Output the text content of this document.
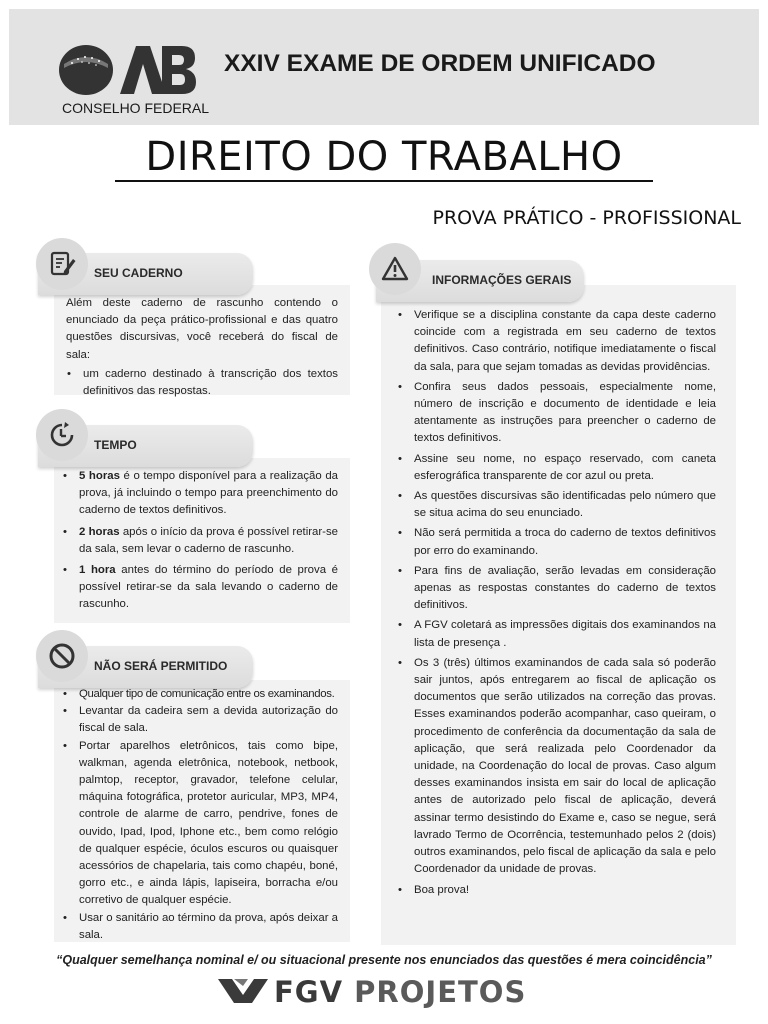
CONSELHO FEDERAL
XXIV EXAME DE ORDEM UNIFICADO
DIREITO DO TRABALHO
PROVA PRÁTICO - PROFISSIONAL

Além deste caderno de rascunho contendo o enunciado da peça prático-profissional e das quatro questões discursivas, você receberá do fiscal de sala:

• um caderno destinado à transcrição dos textos definitivos das respostas.
SEU CADERNO
• 5 horas é o tempo disponível para a realização da prova, já incluindo o tempo para preenchimento do caderno de textos definitivos.
• 2 horas após o início da prova é possível retirar-se da sala, sem levar o caderno de rascunho.
• 1 hora antes do término do período de prova é possível retirar-se da sala levando o caderno de rascunho.
TEMPO
• Qualquer tipo de comunicação entre os examinandos.
• Levantar da cadeira sem a devida autorização do fiscal de sala.
• Portar aparelhos eletrônicos, tais como bipe, walkman, agenda eletrônica, notebook, netbook, palmtop, receptor, gravador, telefone celular, máquina fotográfica, protetor auricular, MP3, MP4, controle de alarme de carro, pendrive, fones de ouvido, Ipad, Ipod, Iphone etc., bem como relógio de qualquer espécie, óculos escuros ou quaisquer acessórios de chapelaria, tais como chapéu, boné, gorro etc., e ainda lápis, lapiseira, borracha e/ou corretivo de qualquer espécie.
• Usar o sanitário ao término da prova, após deixar a sala.
NÃO SERÁ PERMITIDO
• Verifique se a disciplina constante da capa deste caderno coincide com a registrada em seu caderno de textos definitivos. Caso contrário, notifique imediatamente o fiscal da sala, para que sejam tomadas as devidas providências.
• Confira seus dados pessoais, especialmente nome, número de inscrição e documento de identidade e leia atentamente as instruções para preencher o caderno de textos definitivos.
• Assine seu nome, no espaço reservado, com caneta esferográfica transparente de cor azul ou preta.
• As questões discursivas são identificadas pelo número que se situa acima do seu enunciado.
• Não será permitida a troca do caderno de textos definitivos por erro do examinando.
• Para fins de avaliação, serão levadas em consideração apenas as respostas constantes do caderno de textos definitivos.
• A FGV coletará as impressões digitais dos examinandos na lista de presença .
• Os 3 (três) últimos examinandos de cada sala só poderão sair juntos, após entregarem ao fiscal de aplicação os documentos que serão utilizados na correção das provas. Esses examinandos poderão acompanhar, caso queiram, o procedimento de conferência da documentação da sala de aplicação, que será realizada pelo Coordenador da unidade, na Coordenação do local de provas. Caso algum desses examinandos insista em sair do local de aplicação antes de autorizado pelo fiscal de aplicação, deverá assinar termo desistindo do Exame e, caso se negue, será lavrado Termo de Ocorrência, testemunhado pelos 2 (dois) outros examinandos, pelo fiscal de aplicação da sala e pelo Coordenador da unidade de provas.
• Boa prova!
INFORMAÇÕES GERAIS
“Qualquer semelhança nominal e/ ou situacional presente nos enunciados das questões é mera coincidência”
FGV PROJETOS
